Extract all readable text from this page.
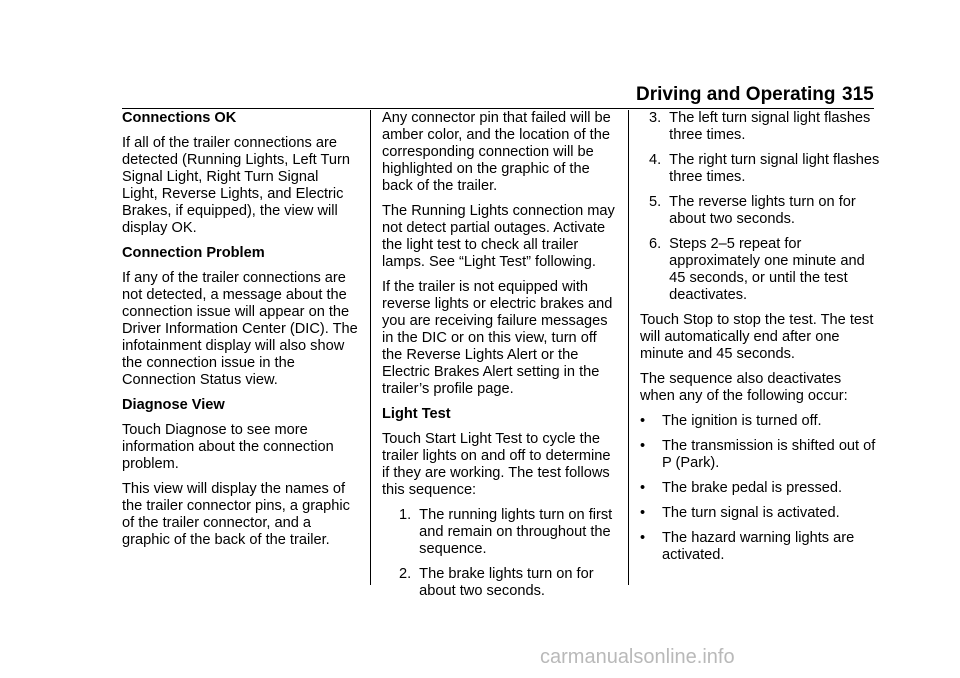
Driving and Operating 315

Connections OK

If all of the trailer connections are detected (Running Lights, Left Turn Signal Light, Right Turn Signal Light, Reverse Lights, and Electric Brakes, if equipped), the view will display OK.

Connection Problem

If any of the trailer connections are not detected, a message about the connection issue will appear on the Driver Information Center (DIC). The infotainment display will also show the connection issue in the Connection Status view.

Diagnose View

Touch Diagnose to see more information about the connection problem.

This view will display the names of the trailer connector pins, a graphic of the trailer connector, and a graphic of the back of the trailer.

Any connector pin that failed will be amber color, and the location of the corresponding connection will be highlighted on the graphic of the back of the trailer.

The Running Lights connection may not detect partial outages. Activate the light test to check all trailer lamps. See “Light Test” following.

If the trailer is not equipped with reverse lights or electric brakes and you are receiving failure messages in the DIC or on this view, turn off the Reverse Lights Alert or the Electric Brakes Alert setting in the trailer’s profile page.

Light Test

Touch Start Light Test to cycle the trailer lights on and off to determine if they are working. The test follows this sequence:

1. The running lights turn on first and remain on throughout the sequence.
2. The brake lights turn on for about two seconds.
3. The left turn signal light flashes three times.
4. The right turn signal light flashes three times.
5. The reverse lights turn on for about two seconds.
6. Steps 2–5 repeat for approximately one minute and 45 seconds, or until the test deactivates.

Touch Stop to stop the test. The test will automatically end after one minute and 45 seconds.

The sequence also deactivates when any of the following occur:

•	The ignition is turned off.
•	The transmission is shifted out of P (Park).
•	The brake pedal is pressed.
•	The turn signal is activated.
•	The hazard warning lights are activated.
carmanualsonline.info
